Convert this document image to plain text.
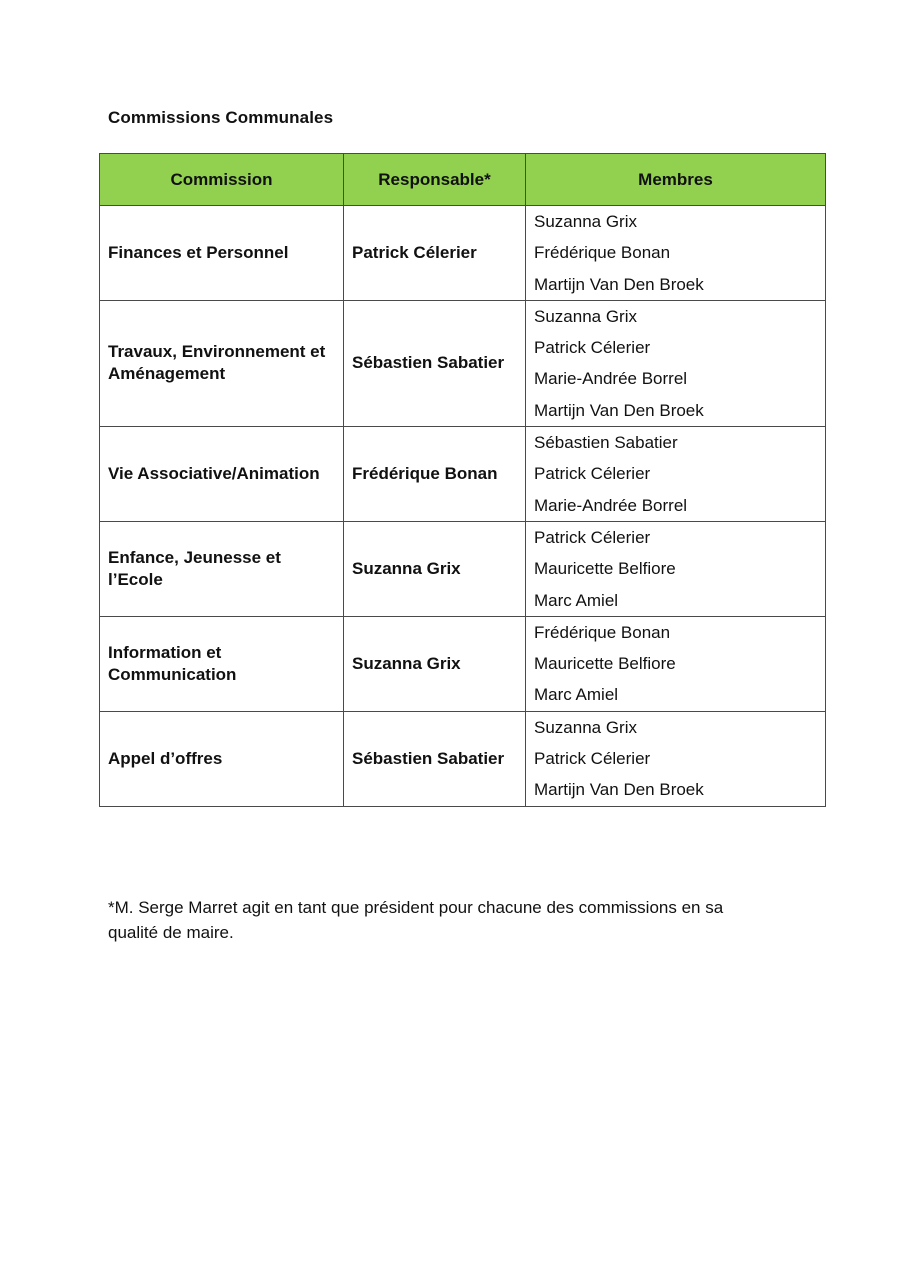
Commissions Communales
Commission	Responsable*	Membres
Finances et Personnel	Patrick Célerier	Suzanna Grix
Frédérique Bonan
Martijn Van Den Broek

Travaux, Environnement et Aménagement	Sébastien Sabatier	Suzanna Grix
Patrick Célerier
Marie-Andrée Borrel
Martijn Van Den Broek

Vie Associative/Animation	Frédérique Bonan	Sébastien Sabatier
Patrick Célerier
Marie-Andrée Borrel

Enfance, Jeunesse et l’Ecole	Suzanna Grix	Patrick Célerier
Mauricette Belfiore
Marc Amiel

Information et Communication	Suzanna Grix	Frédérique Bonan
Mauricette Belfiore
Marc Amiel

Appel d’offres	Sébastien Sabatier	Suzanna Grix
Patrick Célerier
Martijn Van Den Broek
*M. Serge Marret agit en tant que président pour chacune des commissions en sa qualité de maire.
